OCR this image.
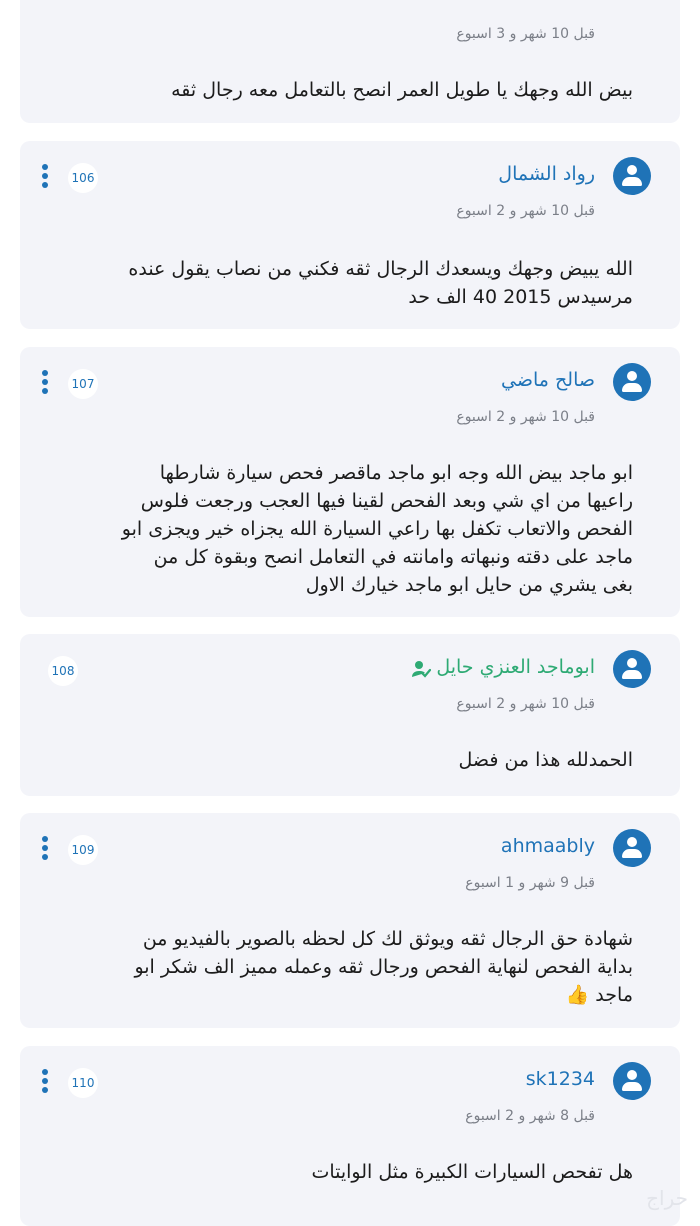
قبل 10 شهر و 3 اسبوع
بيض الله وجهك يا طويل العمر انصح بالتعامل معه رجال ثقه
رواد الشمال
قبل 10 شهر و 2 اسبوع
106
الله يبيض وجهك ويسعدك الرجال ثقه فكني من نصاب يقول عنده
مرسيدس 2015 40 الف حد
صالح ماضي
قبل 10 شهر و 2 اسبوع
107
ابو ماجد بيض الله وجه ابو ماجد ماقصر فحص سيارة شارطها
راعيها من اي شي وبعد الفحص لقينا فيها العجب ورجعت فلوس
الفحص والاتعاب تكفل بها راعي السيارة الله يجزاه خير ويجزى ابو
ماجد على دقته ونبهاته وامانته في التعامل انصح وبقوة كل من
بغى يشري من حايل ابو ماجد خيارك الاول
ابوماجد العنزي حايل
قبل 10 شهر و 2 اسبوع
108
الحمدلله هذا من فضل
ahmaably
قبل 9 شهر و 1 اسبوع
109
شهادة حق الرجال ثقه ويوثق لك كل لحظه بالصوير بالفيديو من
بداية الفحص لنهاية الفحص ورجال ثقه وعمله مميز الف شكر ابو
ماجد 👍
sk1234
قبل 8 شهر و 2 اسبوع
110
هل تفحص السيارات الكبيرة مثل الوايتات
حراج
